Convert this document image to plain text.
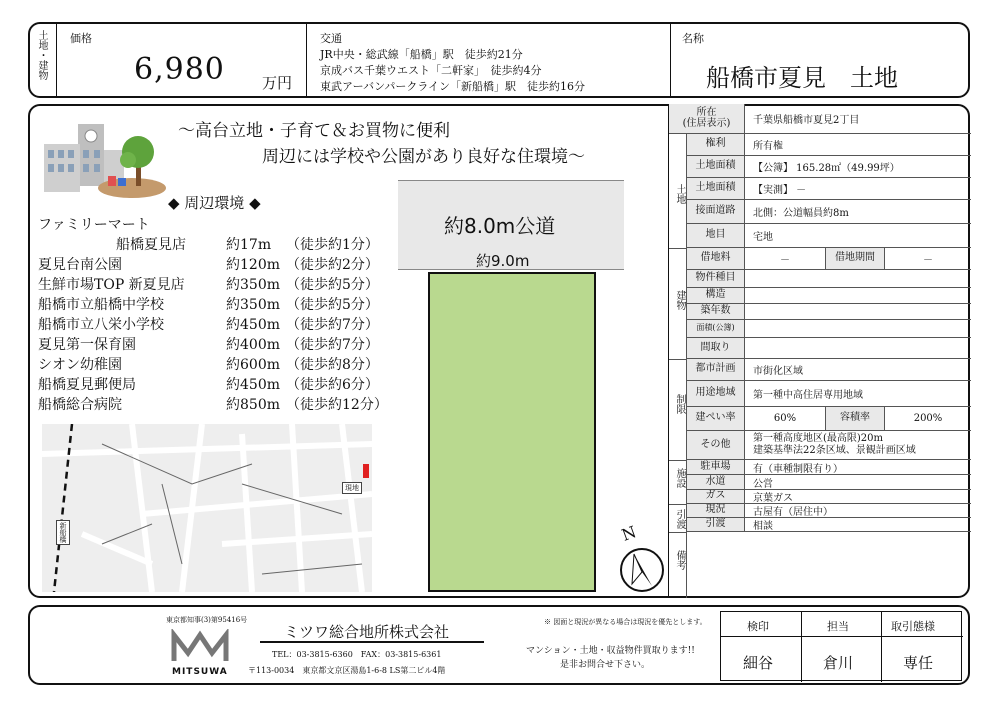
土地・建物 価格
6,980 万円
交通
JR中央・総武線「船橋」駅　徒歩約21分
京成バス千葉ウエスト「二軒家」　徒歩約4分
東武アーバンパークライン「新船橋」駅　徒歩約16分
名称
船橋市夏見　土地
～高台立地・子育て＆お買物に便利
周辺には学校や公園があり良好な住環境～
◆ 周辺環境 ◆
ファミリーマート
船橋夏見店	約17m （徒歩約1分）
夏見台南公園	約120m （徒歩約2分）
生鮮市場TOP 新夏見店	約350m （徒歩約5分）
船橋市立船橋中学校	約350m （徒歩約5分）
船橋市立八栄小学校	約450m （徒歩約7分）
夏見第一保育園	約400m （徒歩約7分）
シオン幼稚園	約600m （徒歩約8分）
船橋夏見郵便局	約450m （徒歩約6分）
船橋総合病院	約850m （徒歩約12分）
新船橋
現地
約8.0m公道
約9.0m
N
土地
建物
制限
施設
引渡
備考
所在
(住居表示)	千葉県船橋市夏見2丁目
権利	所有権
土地面積	【公簿】 165.28㎡（49.99坪）
土地面積	【実測】 －
接面道路	北側：公道幅員約8m
地目	宅地
借地料	－	借地期間	－
物件種目
構造
築年数
面積(公簿)
間取り
都市計画	市街化区域
用途地域	第一種中高住居専用地域
建ぺい率	60%	容積率	200%
その他
第一種高度地区(最高限)20m
建築基準法22条区域、景観計画区域
駐車場	有（車種制限有り）
水道	公営
ガス	京葉ガス
現況	古屋有（居住中）
引渡	相談
東京都知事(3)第95416号
MITSUWA
ミツワ総合地所株式会社
TEL：03-3815-6360　FAX：03-3815-6361
〒113-0034　東京都文京区湯島1-6-8 LS第二ビル4階
※ 図面と現況が異なる場合は現況を優先とします。
マンション・土地・収益物件買取ります!!
是非お問合せ下さい。
検印	担当	取引態様
細谷	倉川	専任
